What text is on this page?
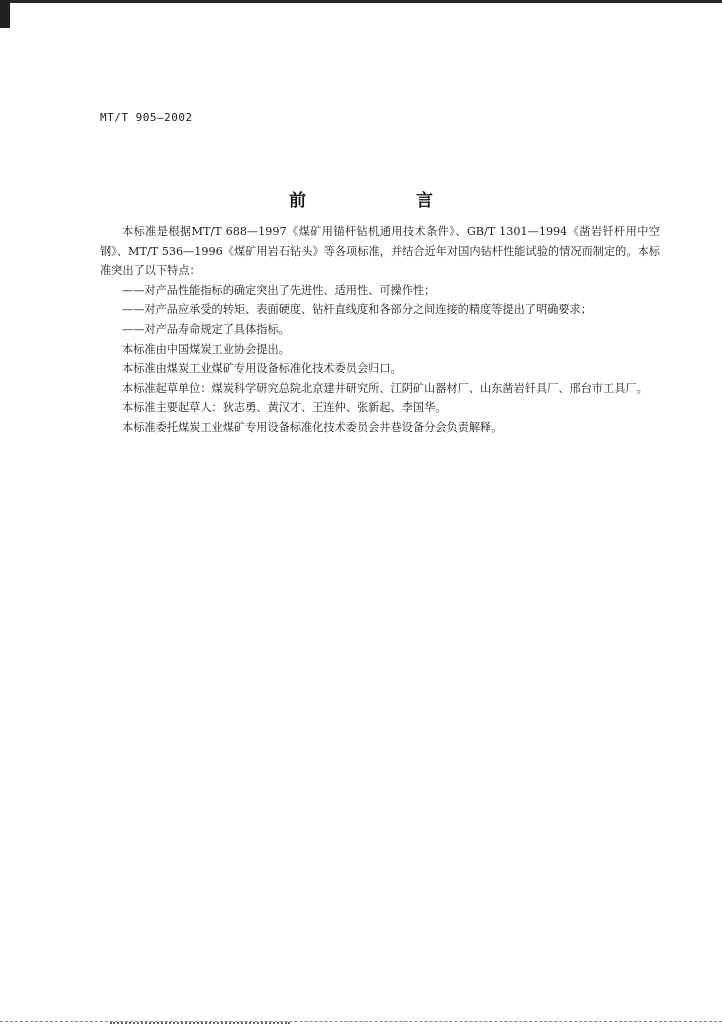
MT/T 905—2002
前 言

本标准是根据MT/T 688—1997《煤矿用锚杆钻机通用技术条件》、GB/T 1301—1994《凿岩钎杆用中空钢》、MT/T 536—1996《煤矿用岩石钻头》等各项标准，并结合近年对国内钻杆性能试验的情况而制定的。本标准突出了以下特点：

——对产品性能指标的确定突出了先进性、适用性、可操作性；

——对产品应承受的转矩、表面硬度、钻杆直线度和各部分之间连接的精度等提出了明确要求；

——对产品寿命规定了具体指标。

本标准由中国煤炭工业协会提出。

本标准由煤炭工业煤矿专用设备标准化技术委员会归口。

本标准起草单位：煤炭科学研究总院北京建井研究所、江阴矿山器材厂、山东凿岩钎具厂、邢台市工具厂。

本标准主要起草人：狄志勇、黄汉才、王连仲、张新起、李国华。

本标准委托煤炭工业煤矿专用设备标准化技术委员会井巷设备分会负责解释。
